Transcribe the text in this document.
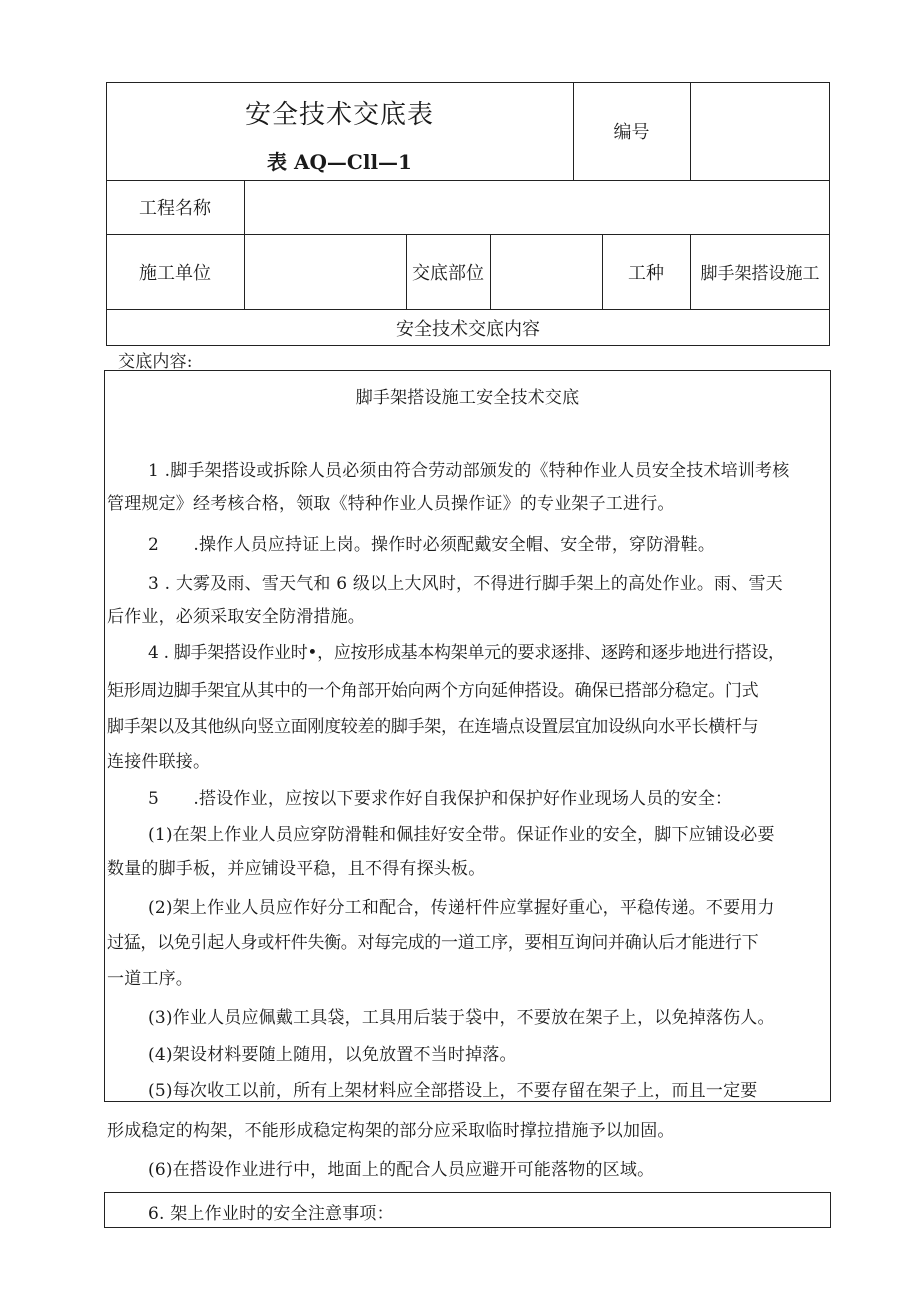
安全技术交底表
表 AQ—Cll—1
编号
工程名称
施工单位	交底部位	工种	脚手架搭设施工
安全技术交底内容
交底内容:
脚手架搭设施工安全技术交底
1 .脚手架搭设或拆除人员必须由符合劳动部颁发的《特种作业人员安全技术培训考核
管理规定》经考核合格，领取《特种作业人员操作证》的专业架子工进行。
2　　.操作人员应持证上岗。操作时必须配戴安全帽、安全带，穿防滑鞋。
3 . 大雾及雨、雪天气和 6 级以上大风时，不得进行脚手架上的高处作业。雨、雪天
后作业，必须采取安全防滑措施。
4 . 脚手架搭设作业时•，应按形成基本构架单元的要求逐排、逐跨和逐步地进行搭设，
矩形周边脚手架宜从其中的一个角部开始向两个方向延伸搭设。确保已搭部分稳定。门式
脚手架以及其他纵向竖立面刚度较差的脚手架，在连墙点设置层宜加设纵向水平长横杆与
连接件联接。
5　　.搭设作业，应按以下要求作好自我保护和保护好作业现场人员的安全：
(1)在架上作业人员应穿防滑鞋和佩挂好安全带。保证作业的安全，脚下应铺设必要
数量的脚手板，并应铺设平稳，且不得有探头板。
(2)架上作业人员应作好分工和配合，传递杆件应掌握好重心，平稳传递。不要用力
过猛，以免引起人身或杆件失衡。对每完成的一道工序，要相互询问并确认后才能进行下
一道工序。
(3)作业人员应佩戴工具袋，工具用后装于袋中，不要放在架子上，以免掉落伤人。
(4)架设材料要随上随用，以免放置不当时掉落。
(5)每次收工以前，所有上架材料应全部搭设上，不要存留在架子上，而且一定要
形成稳定的构架，不能形成稳定构架的部分应采取临时撑拉措施予以加固。
(6)在搭设作业进行中，地面上的配合人员应避开可能落物的区域。
6. 架上作业时的安全注意事项：
